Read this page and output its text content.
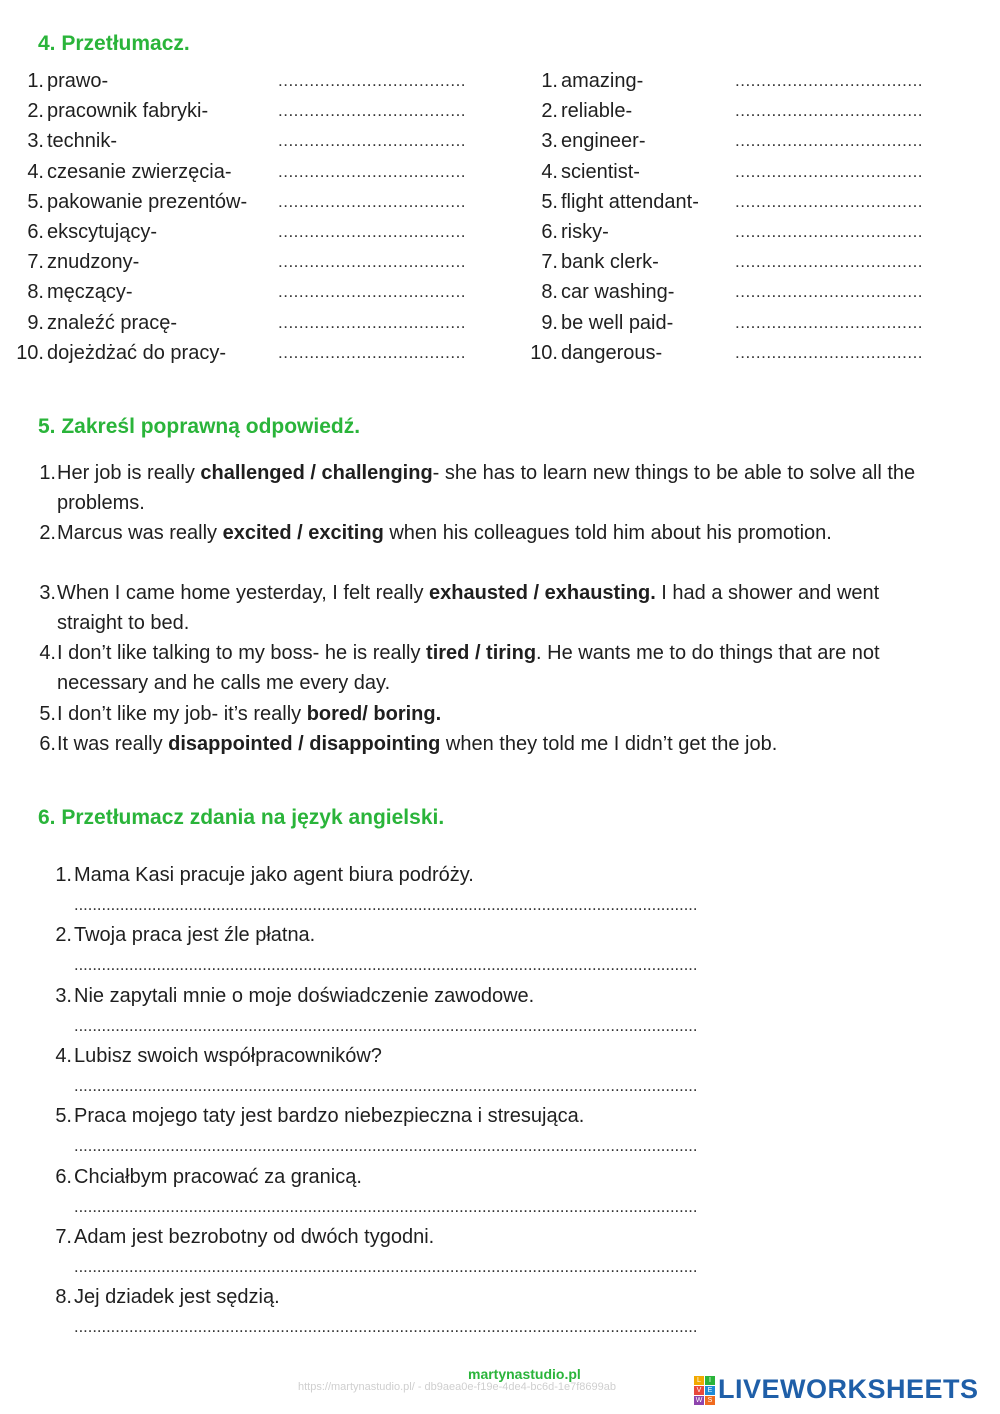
4. Przetłumacz.
1. prawo-	....................................
2. pracownik fabryki-	....................................
3. technik-	....................................
4. czesanie zwierzęcia-	....................................
5. pakowanie prezentów- ....................................
6. ekscytujący-	....................................
7. znudzony-	....................................
8. męczący-	....................................
9. znaleźć pracę-	....................................
10. dojeżdżać do pracy-	....................................
1. amazing-	....................................
2. reliable-	....................................
3. engineer-	....................................
4. scientist-	....................................
5. flight attendant- ....................................
6. risky-	....................................
7. bank clerk-	....................................
8. car washing-	....................................
9. be well paid-	....................................
10. dangerous-	....................................
5. Zakreśl poprawną odpowiedź.
1. Her job is really challenged / challenging- she has to learn new things to be able to solve all the problems.
2. Marcus was really excited / exciting when his colleagues told him about his promotion.
3. When I came home yesterday, I felt really exhausted / exhausting. I had a shower and went straight to bed.
4. I don’t like talking to my boss- he is really tired / tiring. He wants me to do things that are not necessary and he calls me every day.
5. I don’t like my job- it’s really bored/ boring.
6. It was really disappointed / disappointing when they told me I didn’t get the job.
6. Przetłumacz zdania na język angielski.
1. Mama Kasi pracuje jako agent biura podróży.
........................................................................................................................................
2. Twoja praca jest źle płatna.
........................................................................................................................................
3. Nie zapytali mnie o moje doświadczenie zawodowe.
........................................................................................................................................
4. Lubisz swoich współpracowników?
........................................................................................................................................
5. Praca mojego taty jest bardzo niebezpieczna i stresująca.
........................................................................................................................................
6. Chciałbym pracować za granicą.
........................................................................................................................................
7. Adam jest bezrobotny od dwóch tygodni.
........................................................................................................................................
8. Jej dziadek jest sędzią.
........................................................................................................................................
martynastudio.pl
https://martynastudio.pl/ - db9aea0e-f19e-4de4-bc6d-1e7f8699ab
L	I
V E
W S LIVEWORKSHEETS
